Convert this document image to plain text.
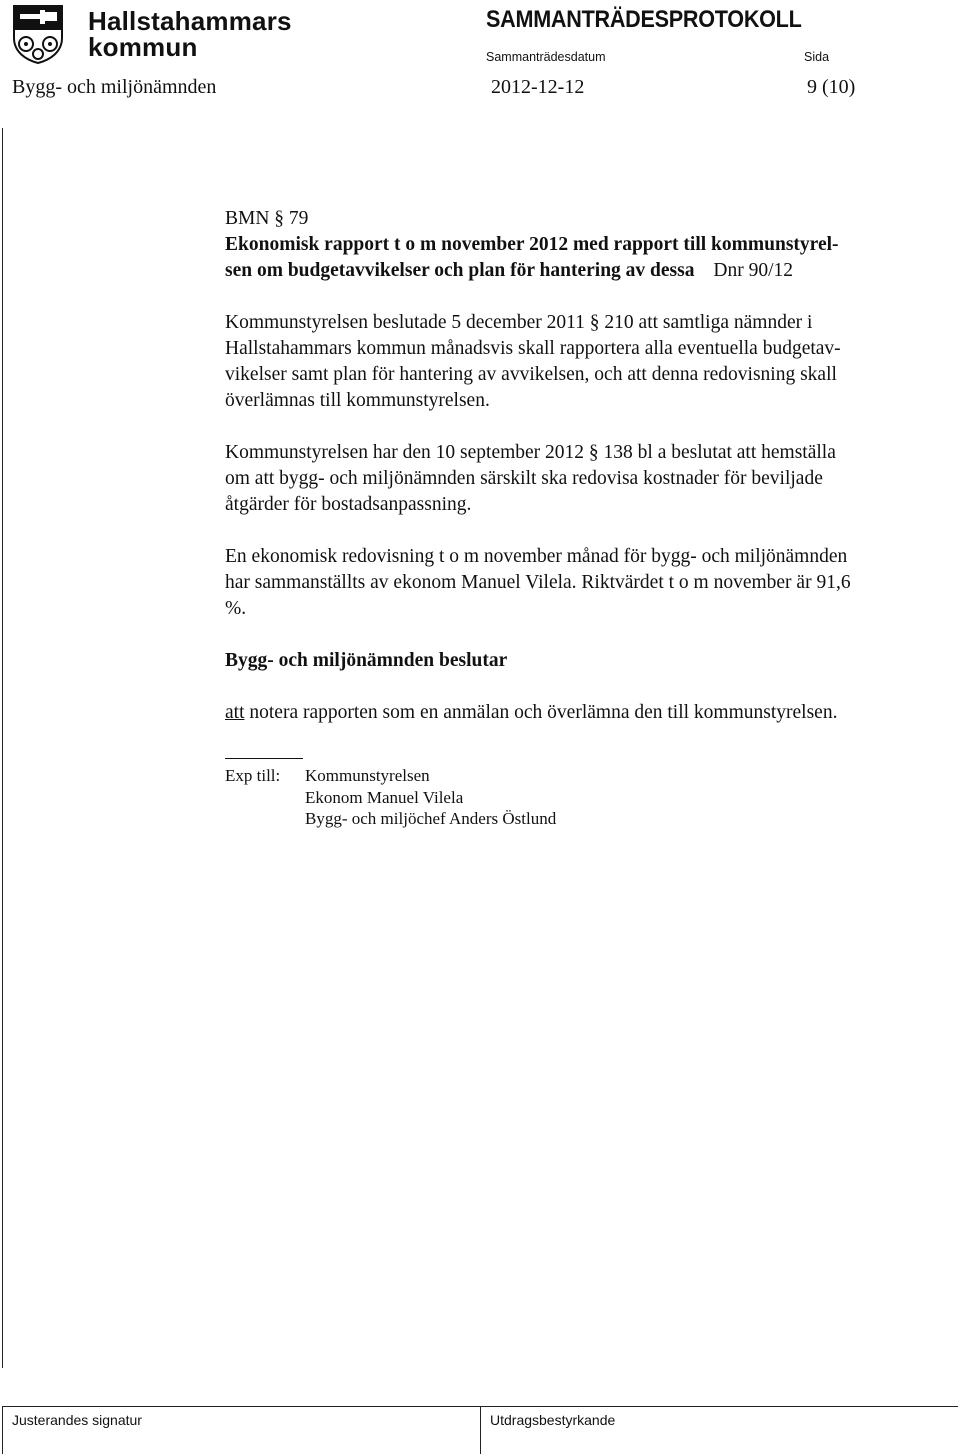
Hallstahammars
kommun
SAMMANTRÄDESPROTOKOLL
Sammanträdesdatum	Sida
Bygg- och miljönämnden	2012-12-12	9 (10)

BMN § 79

Ekonomisk rapport t o m november 2012 med rapport till kommunstyrel-
sen om budgetavvikelser och plan för hantering av dessa Dnr 90/12
Kommunstyrelsen beslutade 5 december 2011 § 210 att samtliga nämnder i
Hallstahammars kommun månadsvis skall rapportera alla eventuella budgetav-
vikelser samt plan för hantering av avvikelsen, och att denna redovisning skall
överlämnas till kommunstyrelsen.
Kommunstyrelsen har den 10 september 2012 § 138 bl a beslutat att hemställa
om att bygg- och miljönämnden särskilt ska redovisa kostnader för beviljade
åtgärder för bostadsanpassning.
En ekonomisk redovisning t o m november månad för bygg- och miljönämnden
har sammanställts av ekonom Manuel Vilela. Riktvärdet t o m november är 91,6
%.
Bygg- och miljönämnden beslutar
att notera rapporten som en anmälan och överlämna den till kommunstyrelsen.
Exp till:	Kommunstyrelsen
Ekonom Manuel Vilela
Bygg- och miljöchef Anders Östlund
Justerandes signatur	Utdragsbestyrkande
